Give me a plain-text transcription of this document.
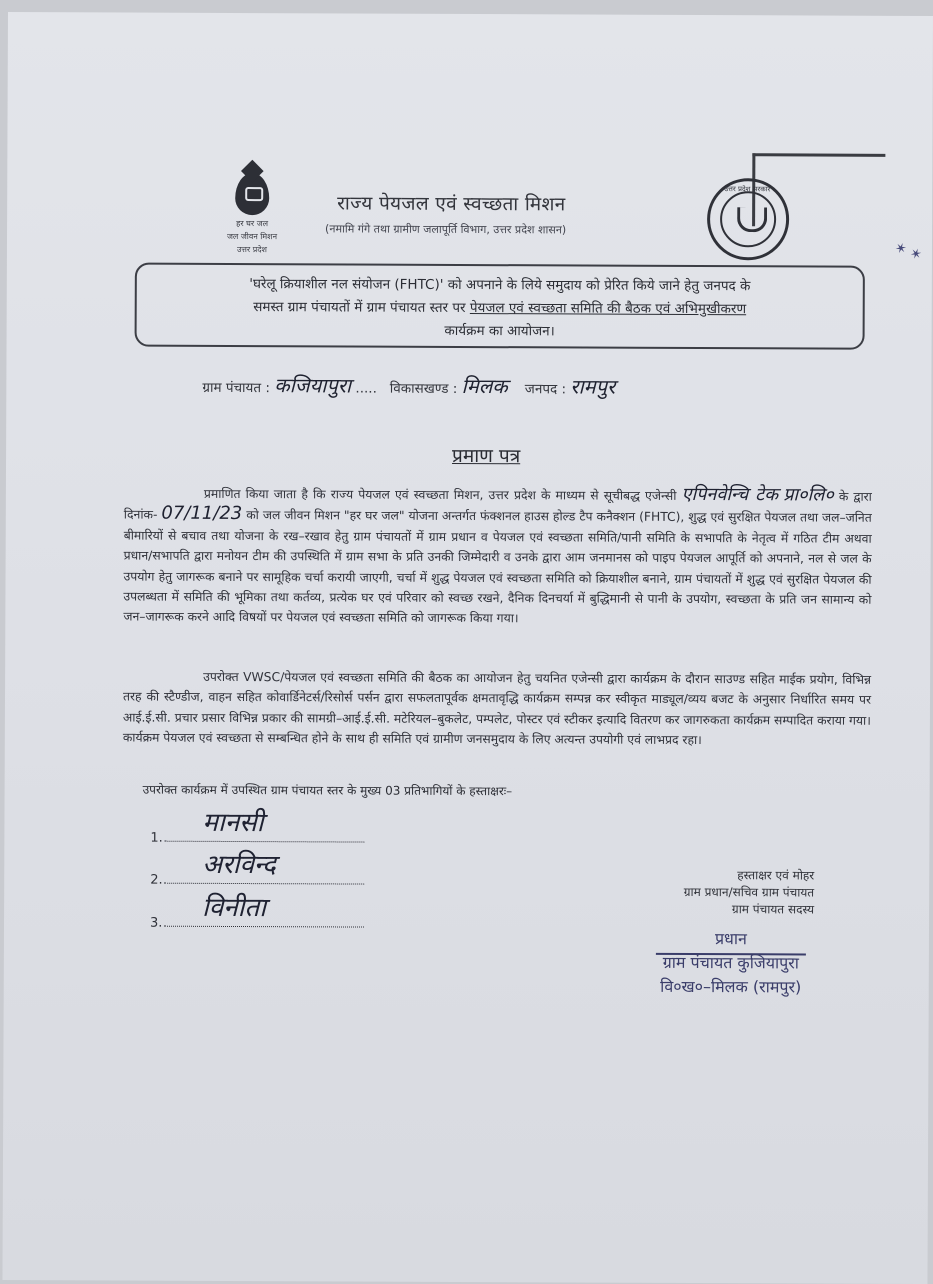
हर घर जल
जल जीवन मिशन
उत्तर प्रदेश
राज्य पेयजल एवं स्वच्छता मिशन
(नमामि गंगे तथा ग्रामीण जलापूर्ति विभाग, उत्तर प्रदेश शासन)
उत्तर प्रदेश सरकार
✶ ✶
'घरेलू क्रियाशील नल संयोजन (FHTC)' को अपनाने के लिये समुदाय को प्रेरित किये जाने हेतु जनपद के
समस्त ग्राम पंचायतों में ग्राम पंचायत स्तर पर पेयजल एवं स्वच्छता समिति की बैठक एवं अभिमुखीकरण
कार्यक्रम का आयोजन।
ग्राम पंचायत : कजियापुरा .....   विकासखण्ड : मिलक जनपद : रामपुर
प्रमाण पत्र
प्रमाणित किया जाता है कि राज्य पेयजल एवं स्वच्छता मिशन, उत्तर प्रदेश के माध्यम से सूचीबद्ध एजेन्सी एपिनवेन्चि टेक प्रा०लि० के द्वारा दिनांक- 07/11/23 को जल जीवन मिशन "हर घर जल" योजना अन्तर्गत फंक्शनल हाउस होल्ड टैप कनैक्शन (FHTC), शुद्ध एवं सुरक्षित पेयजल तथा जल–जनित बीमारियों से बचाव तथा योजना के रख–रखाव हेतु ग्राम पंचायतों में ग्राम प्रधान व पेयजल एवं स्वच्छता समिति/पानी समिति के सभापति के नेतृत्व में गठित टीम अथवा प्रधान/सभापति द्वारा मनोयन टीम की उपस्थिति में ग्राम सभा के प्रति उनकी जिम्मेदारी व उनके द्वारा आम जनमानस को पाइप पेयजल आपूर्ति को अपनाने, नल से जल के उपयोग हेतु जागरूक बनाने पर सामूहिक चर्चा करायी जाएगी, चर्चा में शुद्ध पेयजल एवं स्वच्छता समिति को क्रियाशील बनाने, ग्राम पंचायतों में शुद्ध एवं सुरक्षित पेयजल की उपलब्धता में समिति की भूमिका तथा कर्तव्य, प्रत्येक घर एवं परिवार को स्वच्छ रखने, दैनिक दिनचर्या में बुद्धिमानी से पानी के उपयोग, स्वच्छता के प्रति जन सामान्य को जन–जागरूक करने आदि विषयों पर पेयजल एवं स्वच्छता समिति को जागरूक किया गया।
उपरोक्त VWSC/पेयजल एवं स्वच्छता समिति की बैठक का आयोजन हेतु चयनित एजेन्सी द्वारा कार्यक्रम के दौरान साउण्ड सहित माईक प्रयोग, विभिन्न तरह की स्टैण्डीज, वाहन सहित कोवार्डिनेटर्स/रिसोर्स पर्सन द्वारा सफलतापूर्वक क्षमतावृद्धि कार्यक्रम सम्पन्न कर स्वीकृत माड्यूल/व्यय बजट के अनुसार निर्धारित समय पर आई.ई.सी. प्रचार प्रसार विभिन्न प्रकार की सामग्री–आई.ई.सी. मटेरियल–बुकलेट, पम्पलेट, पोस्टर एवं स्टीकर इत्यादि वितरण कर जागरुकता कार्यक्रम सम्पादित कराया गया। कार्यक्रम पेयजल एवं स्वच्छता से सम्बन्धित होने के साथ ही समिति एवं ग्रामीण जनसमुदाय के लिए अत्यन्त उपयोगी एवं लाभप्रद रहा।
उपरोक्त कार्यक्रम में उपस्थित ग्राम पंचायत स्तर के मुख्य 03 प्रतिभागियों के हस्ताक्षरः–
1.
मानसी
2. अरविन्द
3.
विनीता
हस्ताक्षर एवं मोहर
ग्राम प्रधान/सचिव ग्राम पंचायत
ग्राम पंचायत सदस्य
प्रधान
ग्राम पंचायत कुजियापुरा
वि०ख०–मिलक (रामपुर)
